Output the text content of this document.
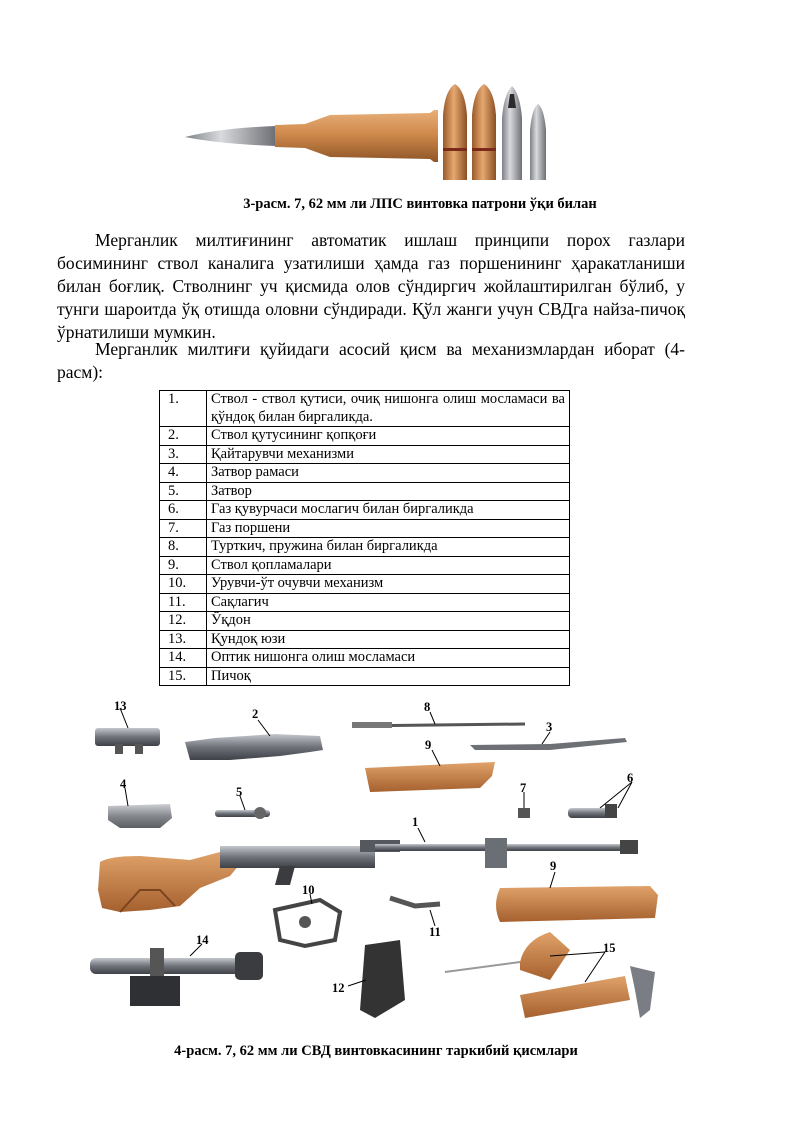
3-расм. 7, 62 мм ли ЛПС винтовка патрони ўқи билан

Мерганлик милтиғининг автоматик ишлаш принципи порох газлари босимининг ствол каналига узатилиши ҳамда газ поршенининг ҳаракатланиши билан боғлиқ. Стволнинг уч қисмида олов сўндиргич жойлаштирилган бўлиб, у тунги шароитда ўқ отишда оловни сўндиради. Қўл жанги учун СВДга найза-пичоқ ўрнатилиши мумкин.

Мерганлик милтиғи қуйидаги асосий қисм ва механизмлардан иборат (4-расм):

1.	Ствол - ствол қутиси, очиқ нишонга олиш мосламаси ва қўндоқ билан биргаликда.
2.	Ствол қутусининг қопқоғи
3.	Қайтарувчи механизми
4.	Затвор рамаси
5.	Затвор
6.	Газ қувурчаси мослагич билан биргаликда
7.	Газ поршени
8.	Турткич, пружина билан биргаликда
9.	Ствол қопламалари
10.	Урувчи-ўт очувчи механизм
11.	Сақлагич
12.	Ўқдон
13.	Қундоқ юзи
14.	Оптик нишонга олиш мосламаси
15.	Пичоқ
13
2	8
3
9
4
5	7
6
1
9
10
11
14
15
12
4-расм. 7, 62 мм ли СВД винтовкасининг таркибий қисмлари
